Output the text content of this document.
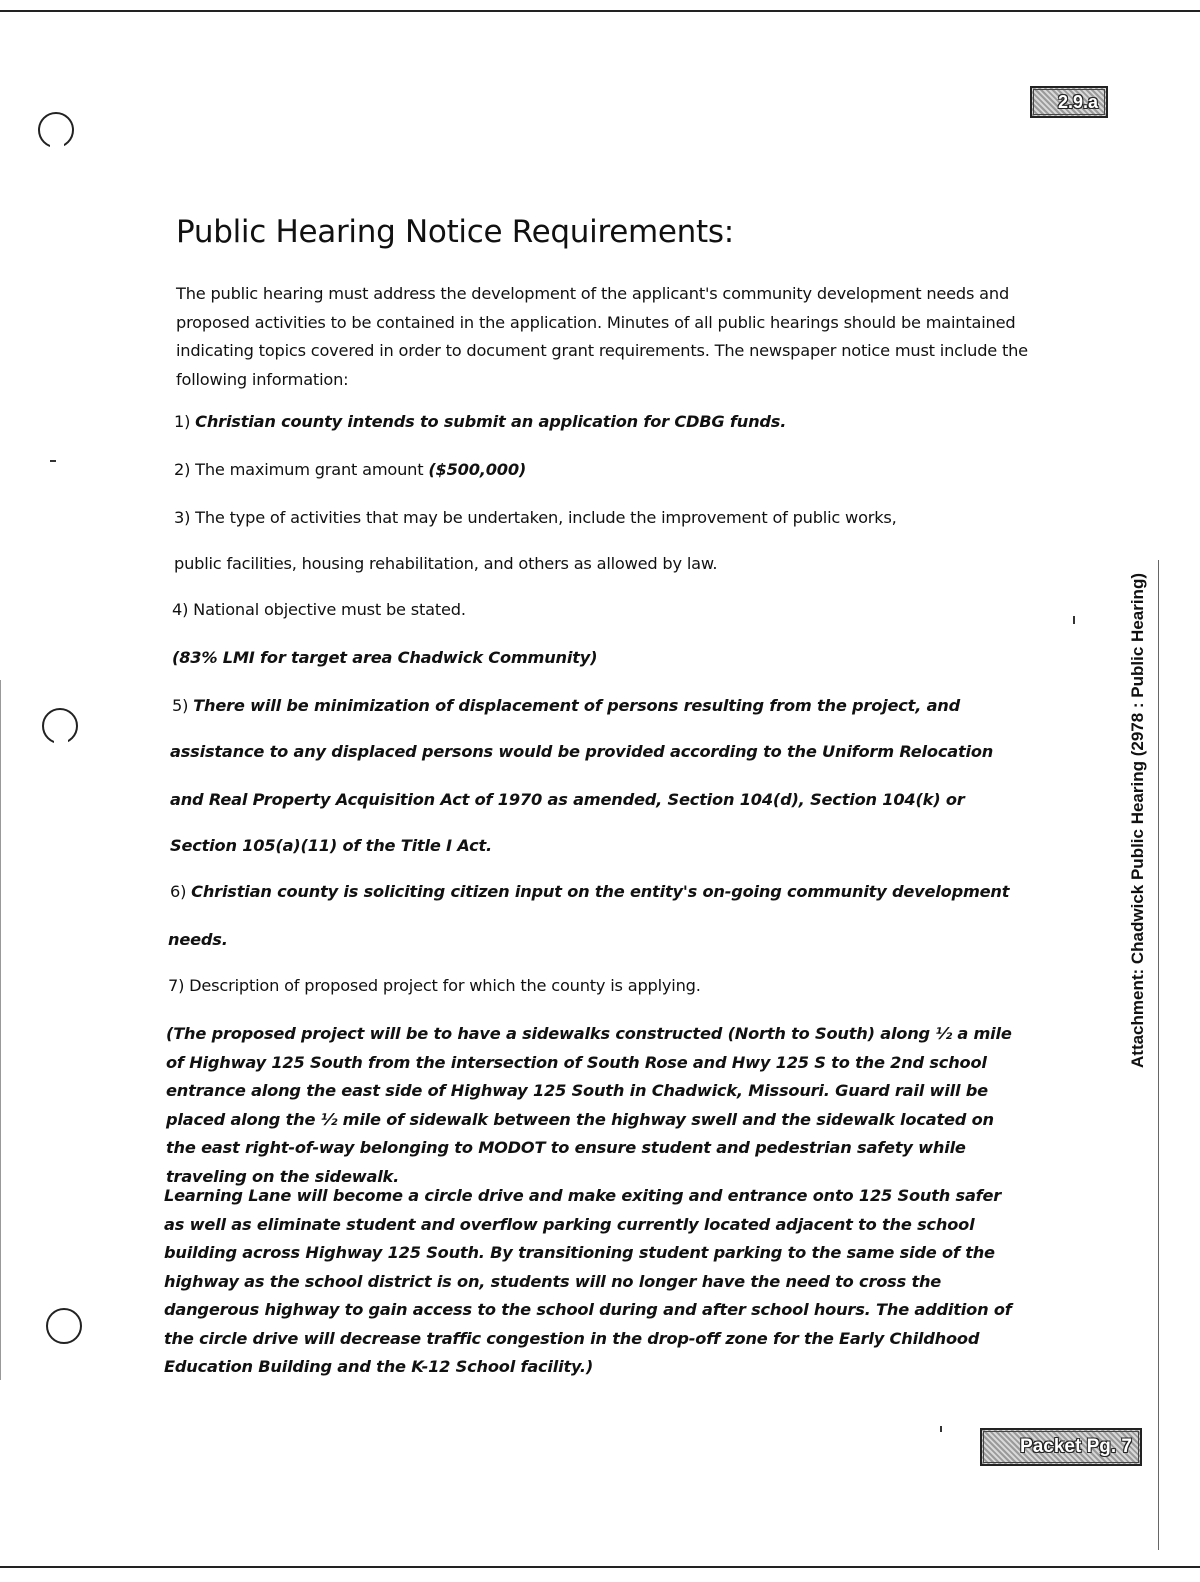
2.9.a
Packet Pg. 7
Public Hearing Notice Requirements:
The public hearing must address the development of the applicant's community development needs and proposed activities to be contained in the application. Minutes of all public hearings should be maintained indicating topics covered in order to document grant requirements. The newspaper notice must include the following information:
1) Christian county intends to submit an application for CDBG funds.
2) The maximum grant amount ($500,000)
3) The type of activities that may be undertaken, include the improvement of public works,
public facilities, housing rehabilitation, and others as allowed by law.
4) National objective must be stated.
(83% LMI for target area Chadwick Community)
5) There will be minimization of displacement of persons resulting from the project, and
assistance to any displaced persons would be provided according to the Uniform Relocation
and Real Property Acquisition Act of 1970 as amended, Section 104(d), Section 104(k) or
Section 105(a)(11) of the Title I Act.
6) Christian county is soliciting citizen input on the entity's on-going community development
needs.
7) Description of proposed project for which the county is applying.
(The proposed project will be to have a sidewalks constructed (North to South) along ½ a mile of Highway 125 South from the intersection of South Rose and Hwy 125 S to the 2nd school entrance along the east side of Highway 125 South in Chadwick, Missouri. Guard rail will be placed along the ½ mile of sidewalk between the highway swell and the sidewalk located on the east right-of-way belonging to MODOT to ensure student and pedestrian safety while traveling on the sidewalk.
Learning Lane will become a circle drive and make exiting and entrance onto 125 South safer as well as eliminate student and overflow parking currently located adjacent to the school building across Highway 125 South. By transitioning student parking to the same side of the highway as the school district is on, students will no longer have the need to cross the dangerous highway to gain access to the school during and after school hours. The addition of the circle drive will decrease traffic congestion in the drop-off zone for the Early Childhood Education Building and the K-12 School facility.)
Attachment: Chadwick Public Hearing (2978 : Public Hearing)
